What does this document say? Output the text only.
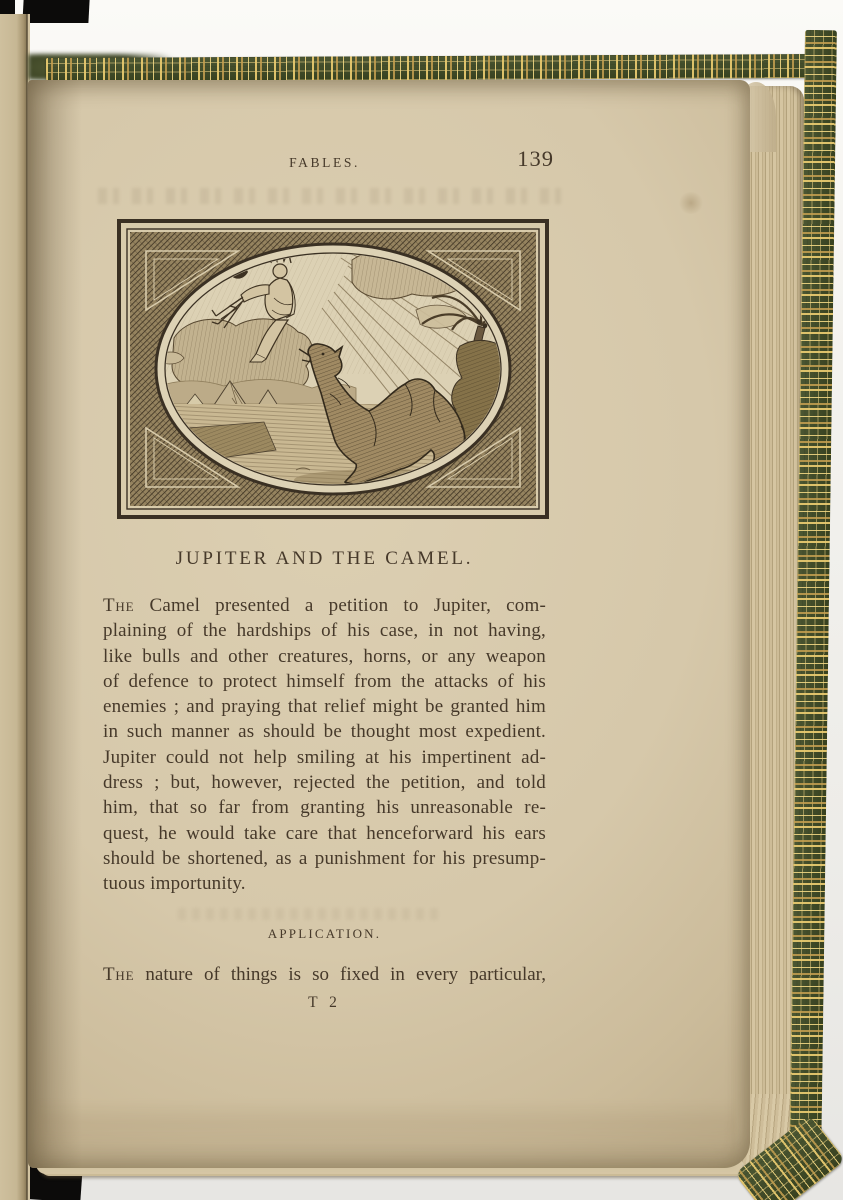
FABLES.	139
JUPITER AND THE CAMEL.
The Camel presented a petition to Jupiter, com-
plaining of the hardships of his case, in not having,
like bulls and other creatures, horns, or any weapon
of defence to protect himself from the attacks of his
enemies ; and praying that relief might be granted him
in such manner as should be thought most expedient.
Jupiter could not help smiling at his impertinent ad-
dress ; but, however, rejected the petition, and told
him, that so far from granting his unreasonable re-
quest, he would take care that henceforward his ears
should be shortened, as a punishment for his presump-
tuous importunity.
APPLICATION.
The nature of things is so fixed in every particular,
T 2
